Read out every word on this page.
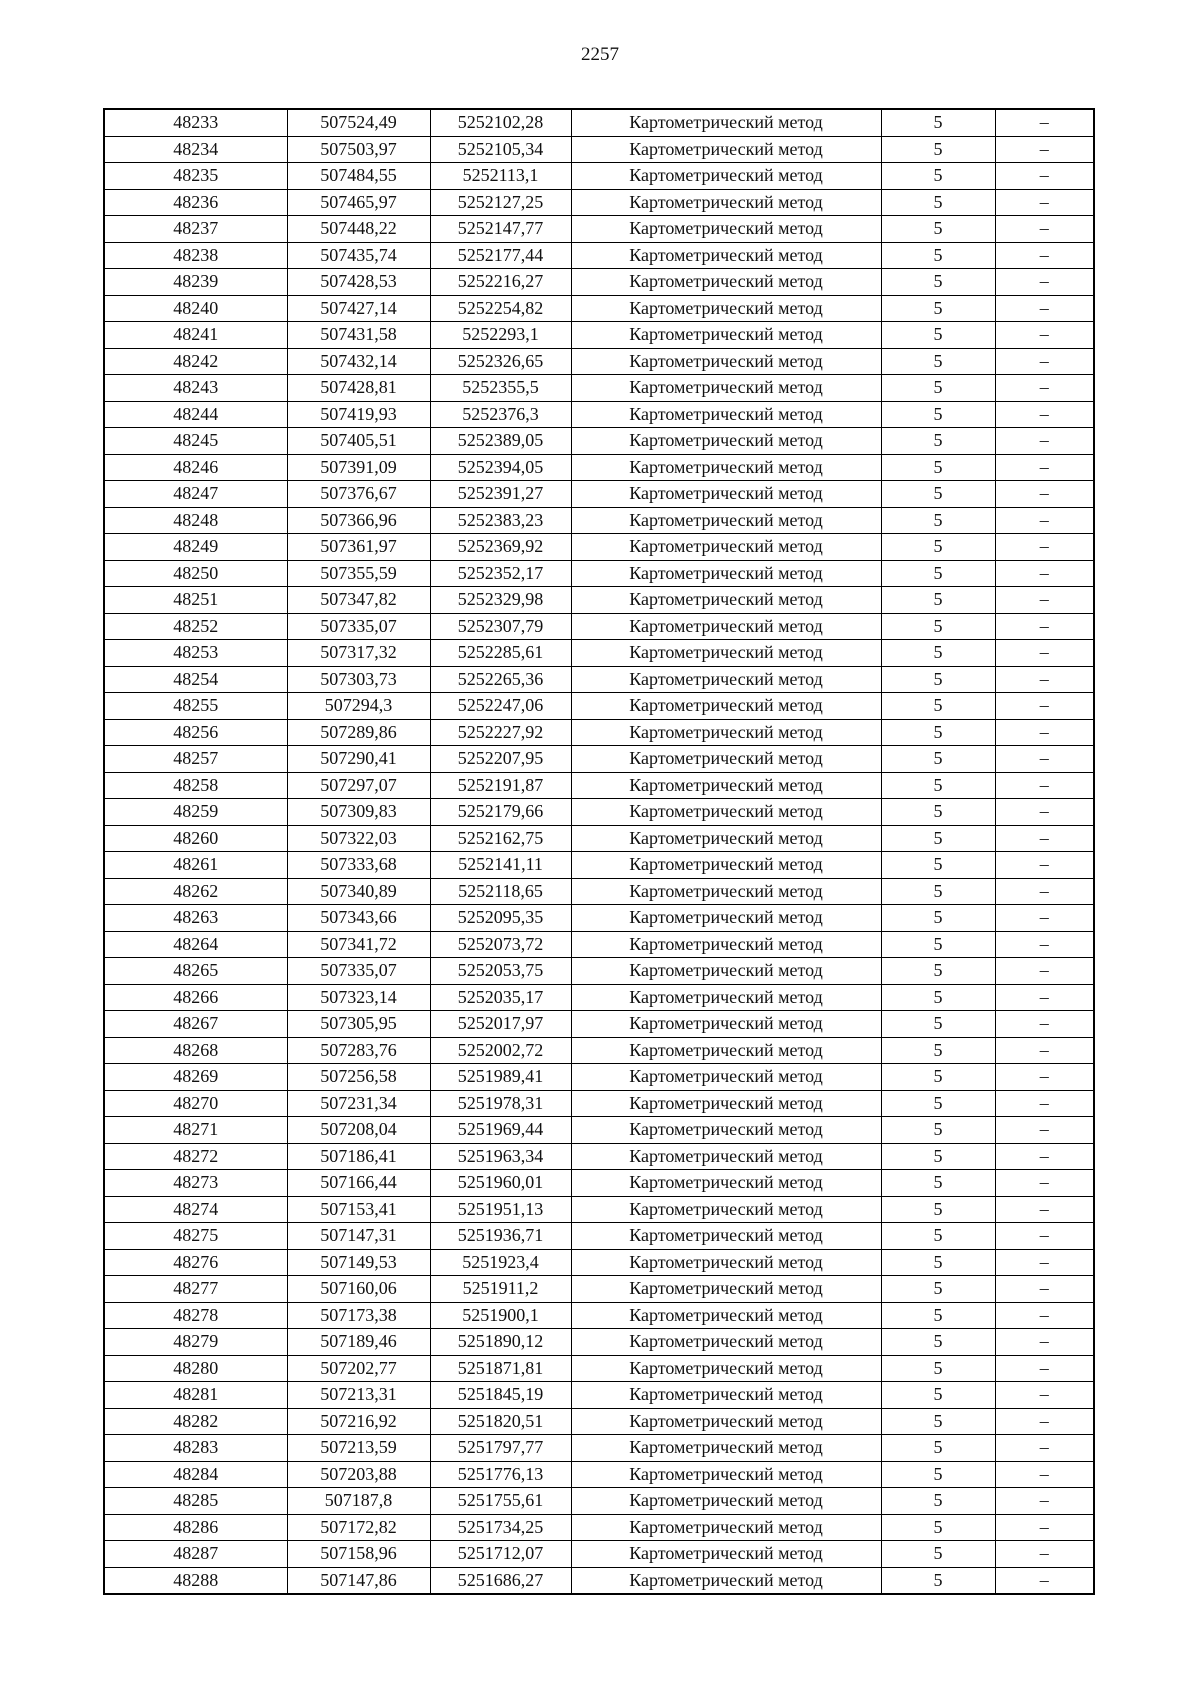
2257
48233	507524,49	5252102,28	Картометрический метод	5	–
48234	507503,97	5252105,34	Картометрический метод	5	–
48235	507484,55	5252113,1	Картометрический метод	5	–
48236	507465,97	5252127,25	Картометрический метод	5	–
48237	507448,22	5252147,77	Картометрический метод	5	–
48238	507435,74	5252177,44	Картометрический метод	5	–
48239	507428,53	5252216,27	Картометрический метод	5	–
48240	507427,14	5252254,82	Картометрический метод	5	–
48241	507431,58	5252293,1	Картометрический метод	5	–
48242	507432,14	5252326,65	Картометрический метод	5	–
48243	507428,81	5252355,5	Картометрический метод	5	–
48244	507419,93	5252376,3	Картометрический метод	5	–
48245	507405,51	5252389,05	Картометрический метод	5	–
48246	507391,09	5252394,05	Картометрический метод	5	–
48247	507376,67	5252391,27	Картометрический метод	5	–
48248	507366,96	5252383,23	Картометрический метод	5	–
48249	507361,97	5252369,92	Картометрический метод	5	–
48250	507355,59	5252352,17	Картометрический метод	5	–
48251	507347,82	5252329,98	Картометрический метод	5	–
48252	507335,07	5252307,79	Картометрический метод	5	–
48253	507317,32	5252285,61	Картометрический метод	5	–
48254	507303,73	5252265,36	Картометрический метод	5	–
48255	507294,3	5252247,06	Картометрический метод	5	–
48256	507289,86	5252227,92	Картометрический метод	5	–
48257	507290,41	5252207,95	Картометрический метод	5	–
48258	507297,07	5252191,87	Картометрический метод	5	–
48259	507309,83	5252179,66	Картометрический метод	5	–
48260	507322,03	5252162,75	Картометрический метод	5	–
48261	507333,68	5252141,11	Картометрический метод	5	–
48262	507340,89	5252118,65	Картометрический метод	5	–
48263	507343,66	5252095,35	Картометрический метод	5	–
48264	507341,72	5252073,72	Картометрический метод	5	–
48265	507335,07	5252053,75	Картометрический метод	5	–
48266	507323,14	5252035,17	Картометрический метод	5	–
48267	507305,95	5252017,97	Картометрический метод	5	–
48268	507283,76	5252002,72	Картометрический метод	5	–
48269	507256,58	5251989,41	Картометрический метод	5	–
48270	507231,34	5251978,31	Картометрический метод	5	–
48271	507208,04	5251969,44	Картометрический метод	5	–
48272	507186,41	5251963,34	Картометрический метод	5	–
48273	507166,44	5251960,01	Картометрический метод	5	–
48274	507153,41	5251951,13	Картометрический метод	5	–
48275	507147,31	5251936,71	Картометрический метод	5	–
48276	507149,53	5251923,4	Картометрический метод	5	–
48277	507160,06	5251911,2	Картометрический метод	5	–
48278	507173,38	5251900,1	Картометрический метод	5	–
48279	507189,46	5251890,12	Картометрический метод	5	–
48280	507202,77	5251871,81	Картометрический метод	5	–
48281	507213,31	5251845,19	Картометрический метод	5	–
48282	507216,92	5251820,51	Картометрический метод	5	–
48283	507213,59	5251797,77	Картометрический метод	5	–
48284	507203,88	5251776,13	Картометрический метод	5	–
48285	507187,8	5251755,61	Картометрический метод	5	–
48286	507172,82	5251734,25	Картометрический метод	5	–
48287	507158,96	5251712,07	Картометрический метод	5	–
48288	507147,86	5251686,27	Картометрический метод	5	–
